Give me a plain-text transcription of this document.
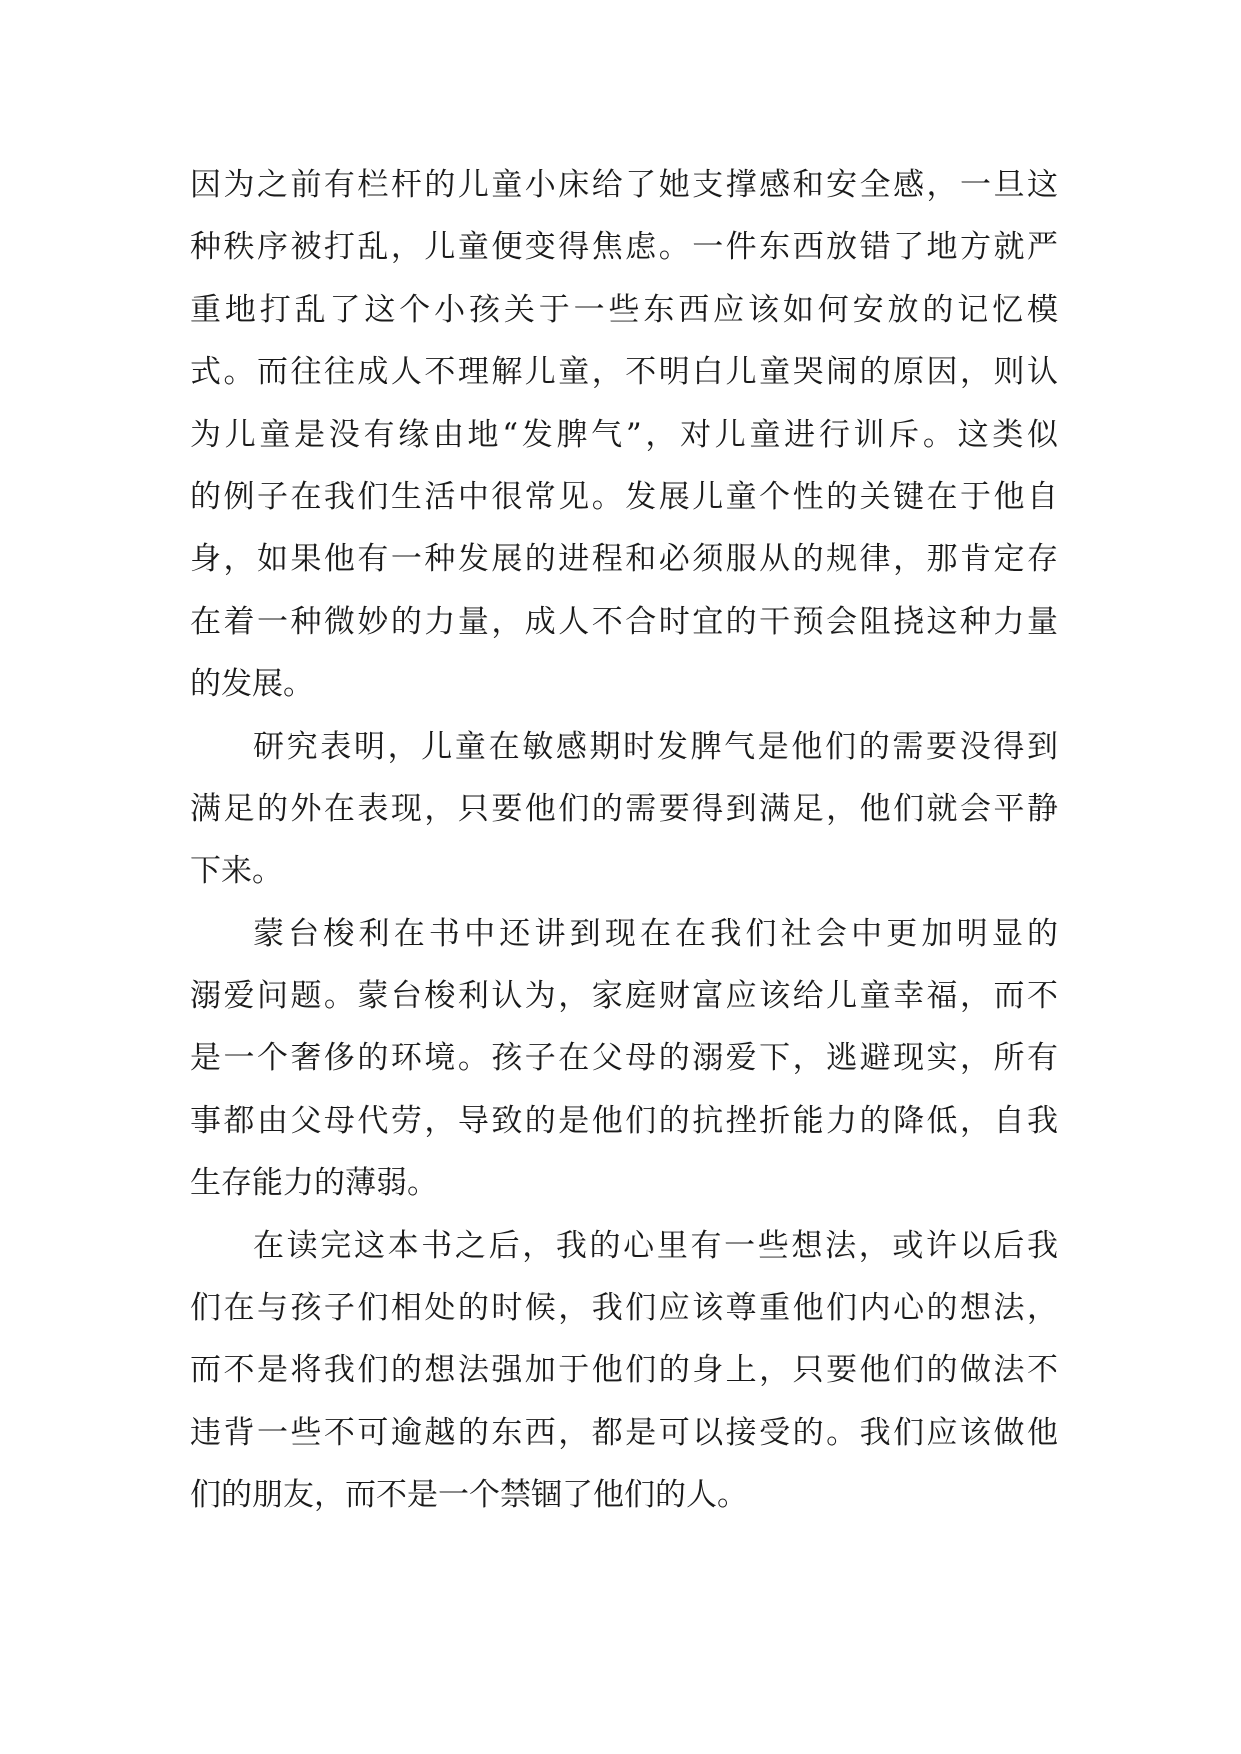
因为之前有栏杆的儿童小床给了她支撑感和安全感，一旦这
种秩序被打乱，儿童便变得焦虑。一件东西放错了地方就严
重地打乱了这个小孩关于一些东西应该如何安放的记忆模
式。而往往成人不理解儿童，不明白儿童哭闹的原因，则认
为儿童是没有缘由地“发脾气”，对儿童进行训斥。这类似
的例子在我们生活中很常见。发展儿童个性的关键在于他自
身，如果他有一种发展的进程和必须服从的规律，那肯定存
在着一种微妙的力量，成人不合时宜的干预会阻挠这种力量
的发展。
研究表明，儿童在敏感期时发脾气是他们的需要没得到
满足的外在表现，只要他们的需要得到满足，他们就会平静
下来。
蒙台梭利在书中还讲到现在在我们社会中更加明显的
溺爱问题。蒙台梭利认为，家庭财富应该给儿童幸福，而不
是一个奢侈的环境。孩子在父母的溺爱下，逃避现实，所有
事都由父母代劳，导致的是他们的抗挫折能力的降低，自我
生存能力的薄弱。
在读完这本书之后，我的心里有一些想法，或许以后我
们在与孩子们相处的时候，我们应该尊重他们内心的想法，
而不是将我们的想法强加于他们的身上，只要他们的做法不
违背一些不可逾越的东西，都是可以接受的。我们应该做他
们的朋友，而不是一个禁锢了他们的人。
